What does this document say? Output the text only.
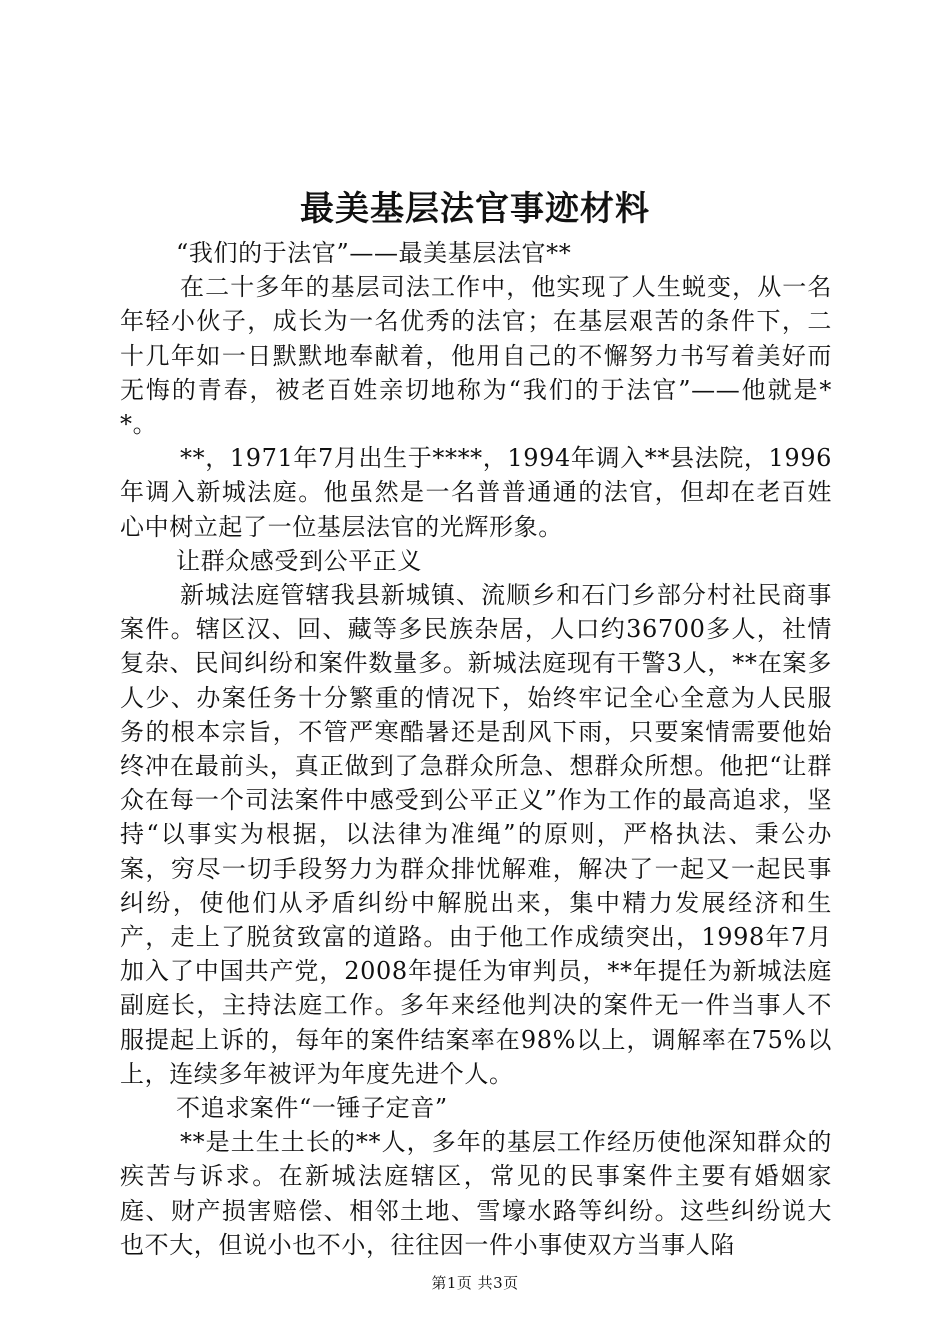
最美基层法官事迹材料

“我们的于法官”——最美基层法官**

在二十多年的基层司法工作中，他实现了人生蜕变，从一名年轻小伙子，成长为一名优秀的法官；在基层艰苦的条件下，二十几年如一日默默地奉献着，他用自己的不懈努力书写着美好而无悔的青春，被老百姓亲切地称为“我们的于法官”——他就是**。

**，1971年7月出生于****，1994年调入**县法院，1996年调入新城法庭。他虽然是一名普普通通的法官，但却在老百姓心中树立起了一位基层法官的光辉形象。

让群众感受到公平正义

新城法庭管辖我县新城镇、流顺乡和石门乡部分村社民商事案件。辖区汉、回、藏等多民族杂居，人口约36700多人，社情复杂、民间纠纷和案件数量多。新城法庭现有干警3人，**在案多人少、办案任务十分繁重的情况下，始终牢记全心全意为人民服务的根本宗旨，不管严寒酷暑还是刮风下雨，只要案情需要他始终冲在最前头，真正做到了急群众所急、想群众所想。他把“让群众在每一个司法案件中感受到公平正义”作为工作的最高追求，坚持“以事实为根据，以法律为准绳”的原则，严格执法、秉公办案，穷尽一切手段努力为群众排忧解难，解决了一起又一起民事纠纷，使他们从矛盾纠纷中解脱出来，集中精力发展经济和生产，走上了脱贫致富的道路。由于他工作成绩突出，1998年7月加入了中国共产党，2008年提任为审判员，**年提任为新城法庭副庭长，主持法庭工作。多年来经他判决的案件无一件当事人不服提起上诉的，每年的案件结案率在98%以上，调解率在75%以上，连续多年被评为年度先进个人。

不追求案件“一锤子定音”

**是土生土长的**人，多年的基层工作经历使他深知群众的疾苦与诉求。在新城法庭辖区，常见的民事案件主要有婚姻家庭、财产损害赔偿、相邻土地、雪壕水路等纠纷。这些纠纷说大也不大，但说小也不小，往往因一件小事使双方当事人陷

第1页 共3页
